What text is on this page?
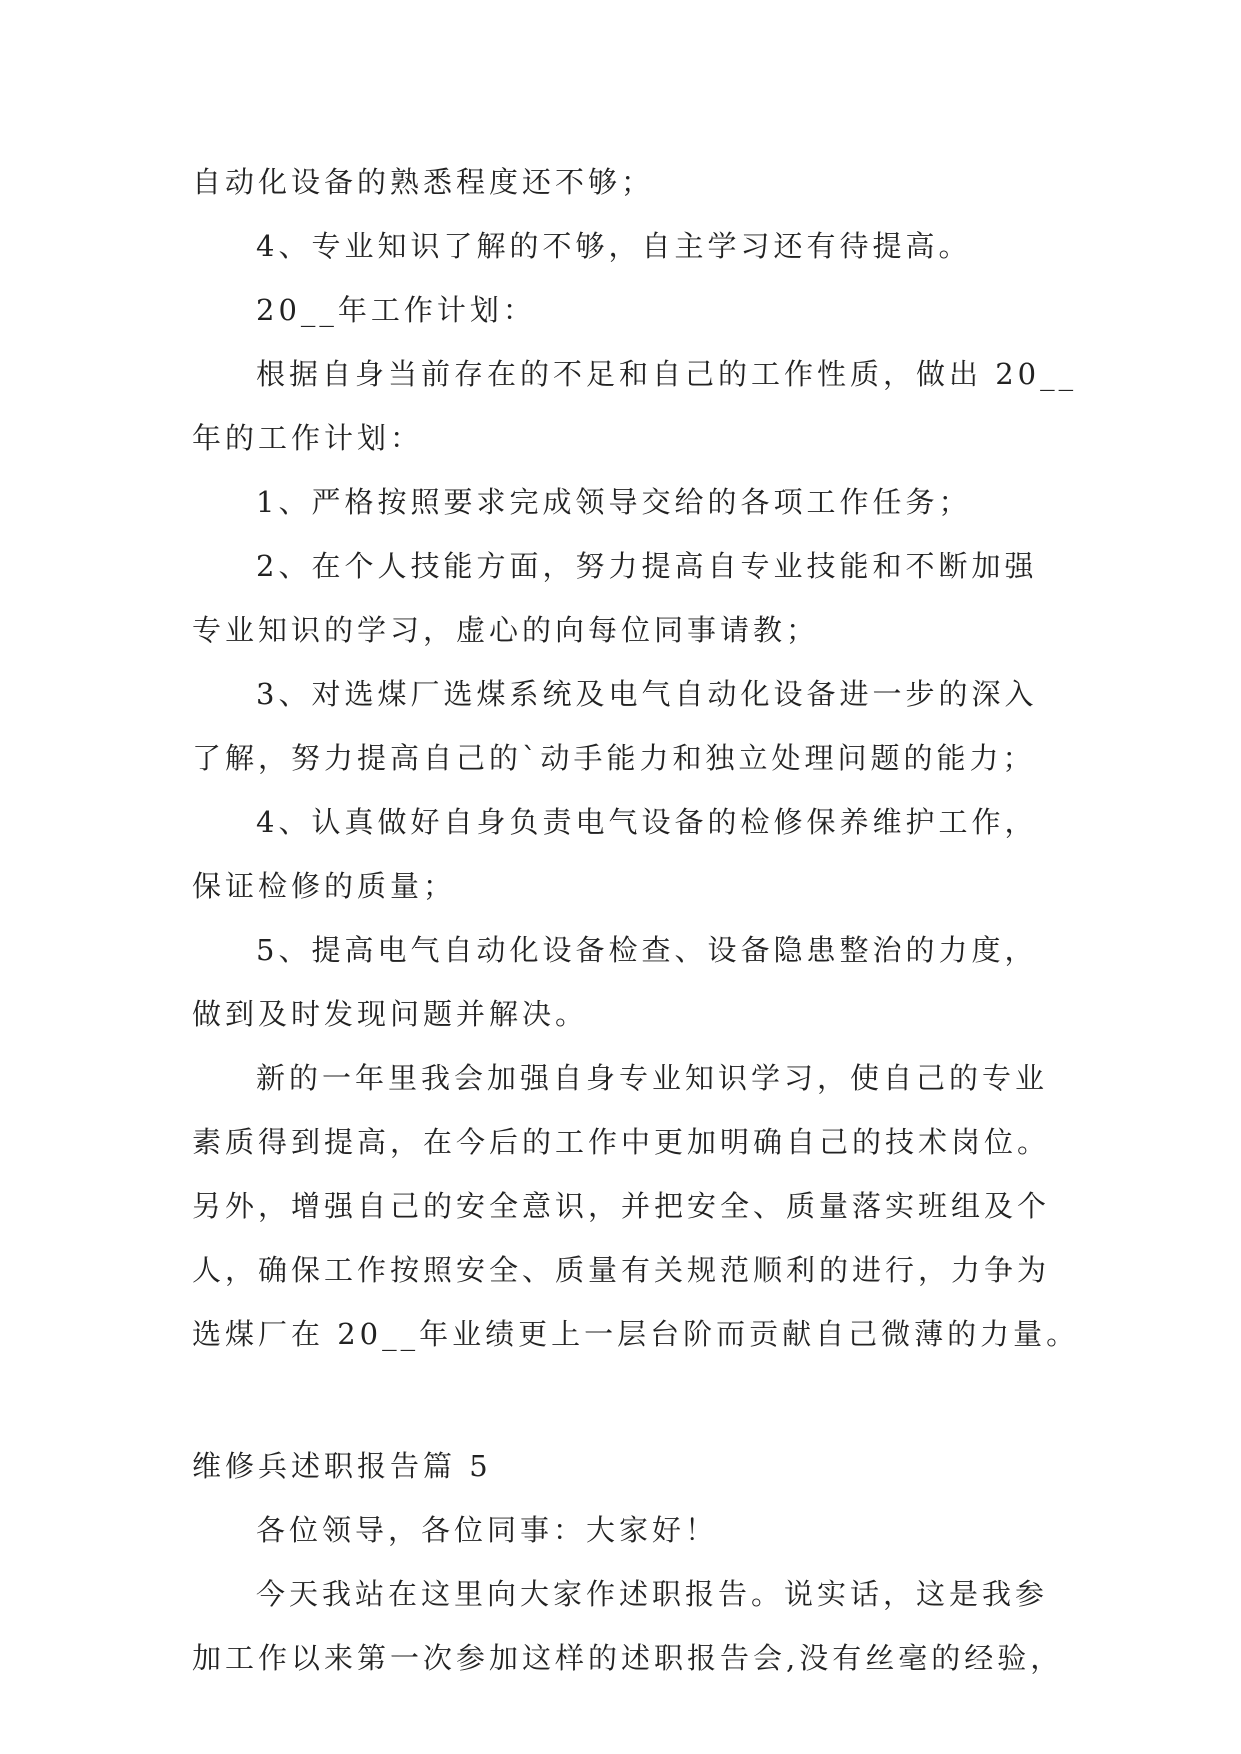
自动化设备的熟悉程度还不够；
4、专业知识了解的不够，自主学习还有待提高。
20__年工作计划：
根据自身当前存在的不足和自己的工作性质，做出 20__
年的工作计划：
1、严格按照要求完成领导交给的各项工作任务；
2、在个人技能方面，努力提高自专业技能和不断加强
专业知识的学习，虚心的向每位同事请教；
3、对选煤厂选煤系统及电气自动化设备进一步的深入
了解，努力提高自己的`动手能力和独立处理问题的能力；
4、认真做好自身负责电气设备的检修保养维护工作，
保证检修的质量；
5、提高电气自动化设备检查、设备隐患整治的力度，
做到及时发现问题并解决。
新的一年里我会加强自身专业知识学习，使自己的专业
素质得到提高，在今后的工作中更加明确自己的技术岗位。
另外，增强自己的安全意识，并把安全、质量落实班组及个
人，确保工作按照安全、质量有关规范顺利的进行，力争为
选煤厂在 20__年业绩更上一层台阶而贡献自己微薄的力量。
维修兵述职报告篇 5
各位领导，各位同事：大家好！
今天我站在这里向大家作述职报告。说实话，这是我参
加工作以来第一次参加这样的述职报告会,没有丝毫的经验，
